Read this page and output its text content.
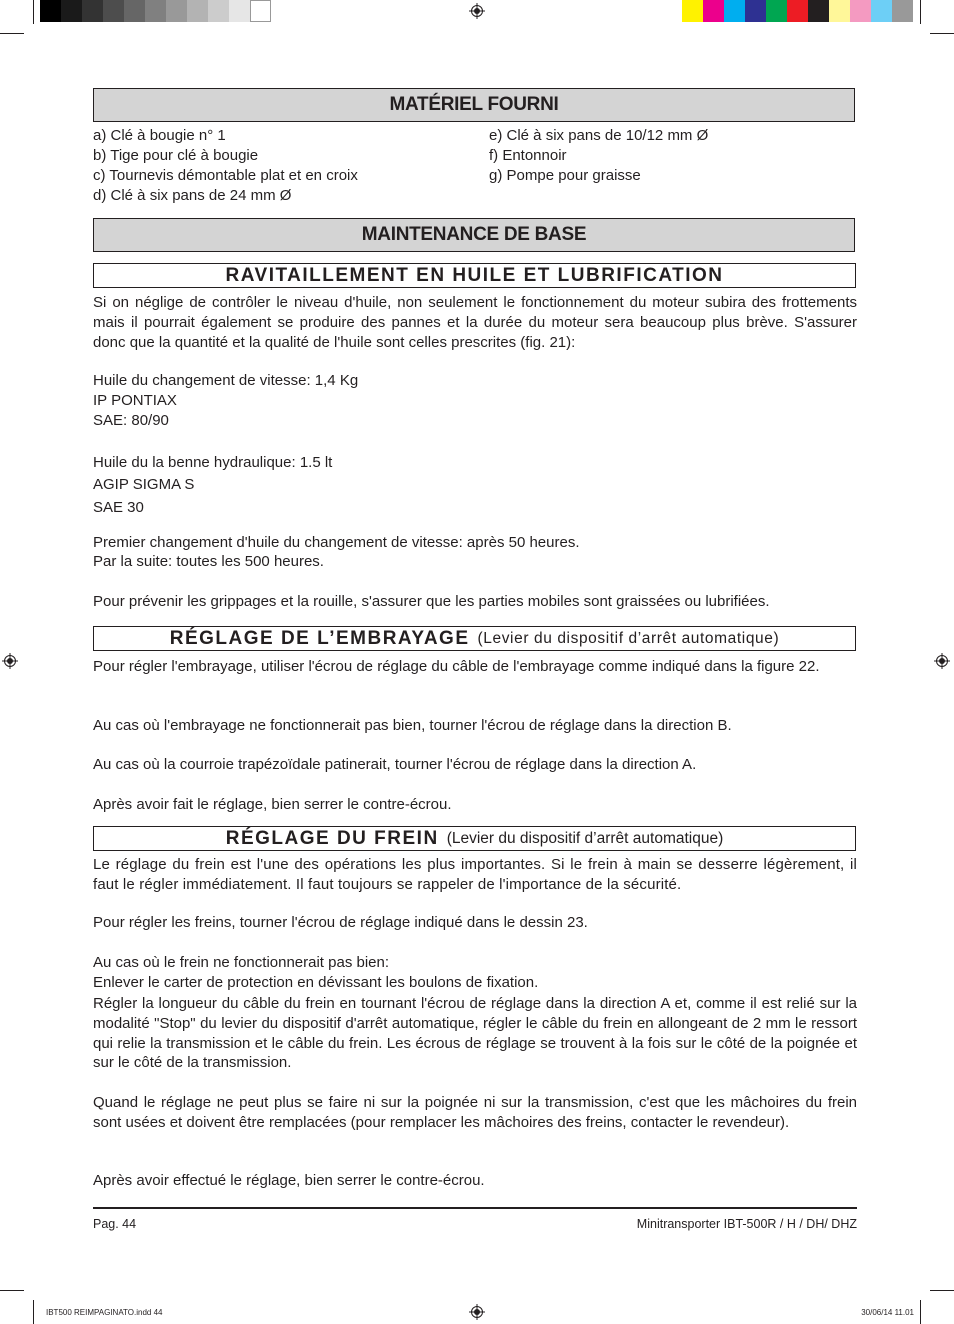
MATÉRIEL FOURNI
a) Clé à bougie n° 1
b) Tige pour clé à bougie
c) Tournevis démontable plat et en croix
d) Clé à six pans de 24 mm Ø
e) Clé à six pans de 10/12 mm Ø
f) Entonnoir
g) Pompe pour graisse
MAINTENANCE DE BASE
RAVITAILLEMENT EN HUILE ET LUBRIFICATION
Si on néglige de contrôler le niveau d'huile, non seulement le fonctionnement du moteur subira des frottements mais il pourrait également se produire des pannes et la durée du moteur sera beaucoup plus brève. S'assurer donc que la quantité et la qualité de l'huile sont celles prescrites (fig. 21):
Huile du changement de vitesse: 1,4 Kg
IP PONTIAX
SAE: 80/90
Huile du la benne hydraulique: 1.5 lt
AGIP SIGMA S
SAE 30
Premier changement d'huile du changement de vitesse: après 50 heures.
Par la suite: toutes les 500 heures.
Pour prévenir les grippages et la rouille, s'assurer que les parties mobiles sont graissées ou lubrifiées.
RÉGLAGE DE L’EMBRAYAGE (Levier du dispositif d’arrêt automatique)
Pour régler l'embrayage, utiliser l'écrou de réglage du câble de l'embrayage comme indiqué dans la figure 22.
Au cas où l'embrayage ne fonctionnerait pas bien, tourner l'écrou de réglage dans la direction B.
Au cas où la courroie trapézoïdale patinerait, tourner l'écrou de réglage dans la direction A.
Après avoir fait le réglage, bien serrer le contre-écrou.
RÉGLAGE DU FREIN (Levier du dispositif d’arrêt automatique)
Le réglage du frein est l'une des opérations les plus importantes. Si le frein à main se desserre légèrement, il faut le régler immédiatement. Il faut toujours se rappeler de l'importance de la sécurité.
Pour régler les freins, tourner l'écrou de réglage indiqué dans le dessin 23.
Au cas où le frein ne fonctionnerait pas bien:
Enlever le carter de protection en dévissant les boulons de fixation.
Régler la longueur du câble du frein en tournant l'écrou de réglage dans la direction A et, comme il est relié sur la modalité "Stop" du levier du dispositif d'arrêt automatique, régler le câble du frein en allongeant de 2 mm le ressort qui relie la transmission et le câble du frein. Les écrous de réglage se trouvent à la fois sur le côté de la poignée et sur le côté de la transmission.
Quand le réglage ne peut plus se faire ni sur la poignée ni sur la transmission, c'est que les mâchoires du frein sont usées et doivent être remplacées (pour remplacer les mâchoires des freins, contacter le revendeur).
Après avoir effectué le réglage, bien serrer le contre-écrou.
Pag. 44	Minitransporter IBT-500R / H / DH/ DHZ
IBT500 REIMPAGINATO.indd 44	30/06/14 11.01
